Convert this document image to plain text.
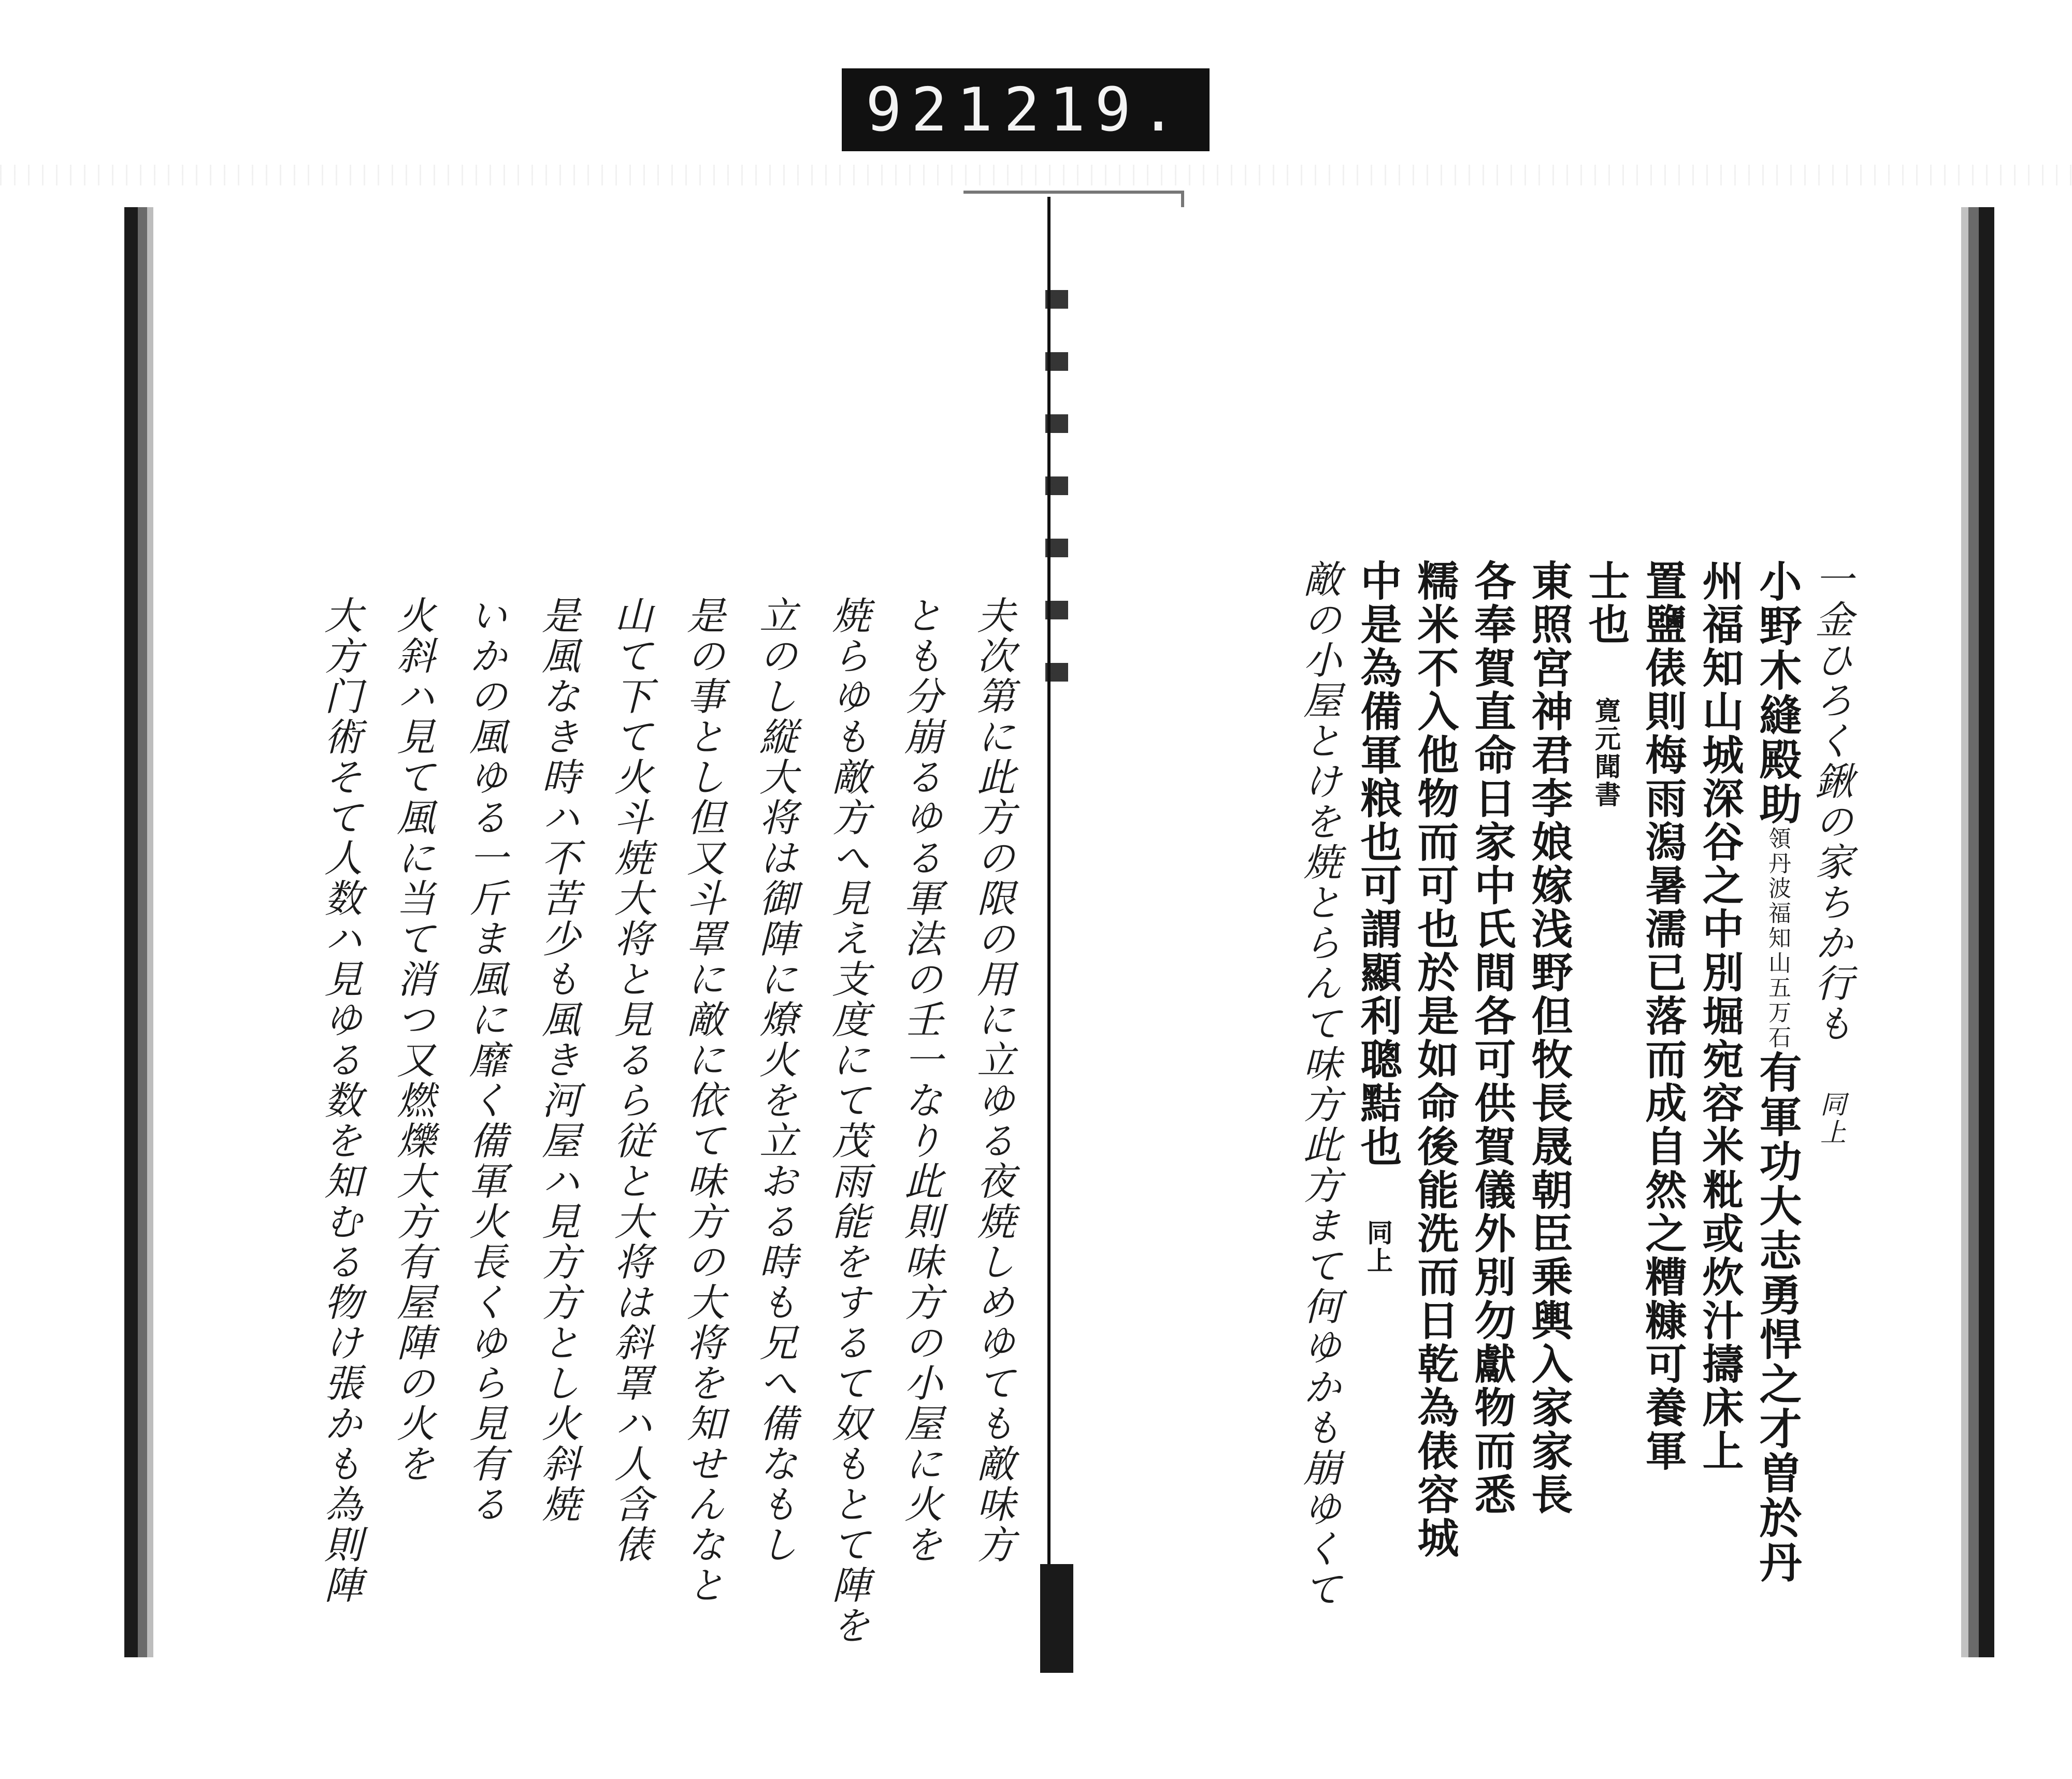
921 219.
一金ひろく鍬の家ちか行も 同上
小野木縫殿助領丹波福知山五万石有軍功大志勇悍之才曽於丹
州福知山城深谷之中別堀宛容米粃或炊汁擣床上
置鹽俵則梅雨潟暑濡已落而成自然之糟糠可養軍
士也 寛元聞書
東照宮神君李娘嫁浅野但牧長晟朝臣乗輿入家家長
各奉賀直命日家中氏間各可供賀儀外別勿獻物而悉
糯米不入他物而可也於是如命後能洗而日乾為俵容城
中是為備軍粮也可謂顯利聰黠也 同上
敵の小屋とけを焼とらんて味方此方まて何ゆかも崩ゆくて
夫次第に此方の限の用に立ゆる夜焼しめゆても敵味方
とも分崩るゆる軍法の壬一なり此則味方の小屋に火を
焼らゆも敵方へ見え支度にて茂雨能をするて奴もとて陣を
立のし縦大将は御陣に燎火を立おる時も兄へ備なもし
是の事とし但又斗罩に敵に依て味方の大将を知せんなと
山て下て火斗焼大将と見るら従と大将は斜罩ハ人含俵
是風なき時ハ不苦少も風き河屋ハ見方方とし火斜焼
いかの風ゆる一斤ま風に靡く備軍火長くゆら見有る
火斜ハ見て風に当て消つ又燃爍大方有屋陣の火を
大方门術そて人数ハ見ゆる数を知むる物け張かも為則陣
